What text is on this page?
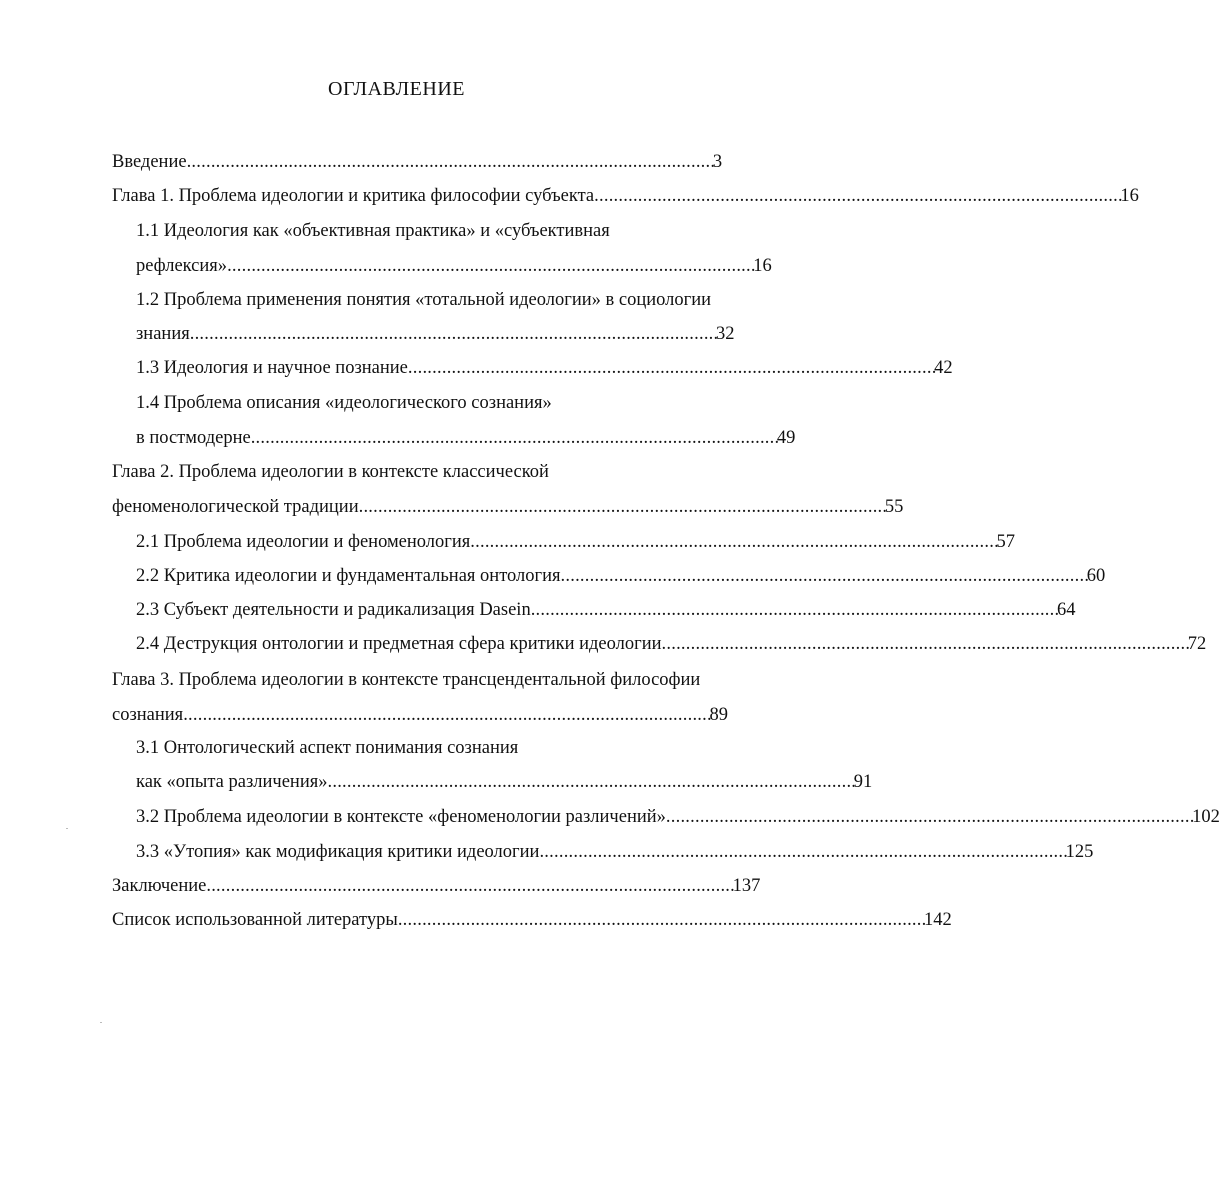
ОГЛАВЛЕНИЕ
Введение . . .	3
Глава 1. Проблема идеологии и критика философии субъекта . . .	16
1.1 Идеология как «объективная практика» и «субъективная
рефлексия» . . .	16
1.2 Проблема применения понятия «тотальной идеологии» в социологии
знания . . .	32
1.3 Идеология и научное познание . . .	42
1.4 Проблема описания «идеологического сознания»
в постмодерне . . .	49
Глава 2. Проблема идеологии в контексте классической
феноменологической традиции . . .	55
2.1 Проблема идеологии и феноменология . . .	57
2.2 Критика идеологии и фундаментальная онтология . . .	60
2.3 Субъект деятельности и радикализация Dasein . . .	64
2.4 Деструкция онтологии и предметная сфера критики идеологии . . .	72
Глава 3. Проблема идеологии в контексте трансцендентальной философии
сознания . . .	89
3.1 Онтологический аспект понимания сознания
как «опыта различения» . . .	91
3.2 Проблема идеологии в контексте «феноменологии различений» . . .	102
3.3 «Утопия» как модификация критики идеологии . . .	125
Заключение . . .	137
Список использованной литературы . . .	142
